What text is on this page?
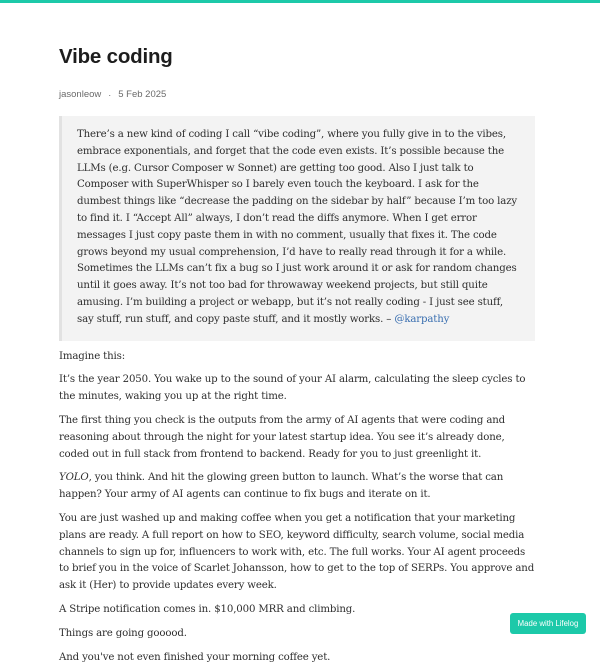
Vibe coding
jasonleow · 5 Feb 2025

There’s a new kind of coding I call “vibe coding”, where you fully give in to the vibes, embrace exponentials, and forget that the code even exists. It’s possible because the LLMs (e.g. Cursor Composer w Sonnet) are getting too good. Also I just talk to Composer with SuperWhisper so I barely even touch the keyboard. I ask for the dumbest things like “decrease the padding on the sidebar by half” because I’m too lazy to find it. I “Accept All” always, I don’t read the diffs anymore. When I get error messages I just copy paste them in with no comment, usually that fixes it. The code grows beyond my usual comprehension, I’d have to really read through it for a while. Sometimes the LLMs can’t fix a bug so I just work around it or ask for random changes until it goes away. It’s not too bad for throwaway weekend projects, but still quite amusing. I’m building a project or webapp, but it’s not really coding - I just see stuff, say stuff, run stuff, and copy paste stuff, and it mostly works. – @karpathy

Imagine this:

It’s the year 2050. You wake up to the sound of your AI alarm, calculating the sleep cycles to the minutes, waking you up at the right time.

The first thing you check is the outputs from the army of AI agents that were coding and reasoning about through the night for your latest startup idea. You see it’s already done, coded out in full stack from frontend to backend. Ready for you to just greenlight it.

YOLO, you think. And hit the glowing green button to launch. What’s the worse that can happen? Your army of AI agents can continue to fix bugs and iterate on it.

You are just washed up and making coffee when you get a notification that your marketing plans are ready. A full report on how to SEO, keyword difficulty, search volume, social media channels to sign up for, influencers to work with, etc. The full works. Your AI agent proceeds to brief you in the voice of Scarlet Johansson, how to get to the top of SERPs. You approve and ask it (Her) to provide updates every week.

A Stripe notification comes in. $10,000 MRR and climbing.

Things are going gooood.

And you've not even finished your morning coffee yet.

Made with Lifelog
